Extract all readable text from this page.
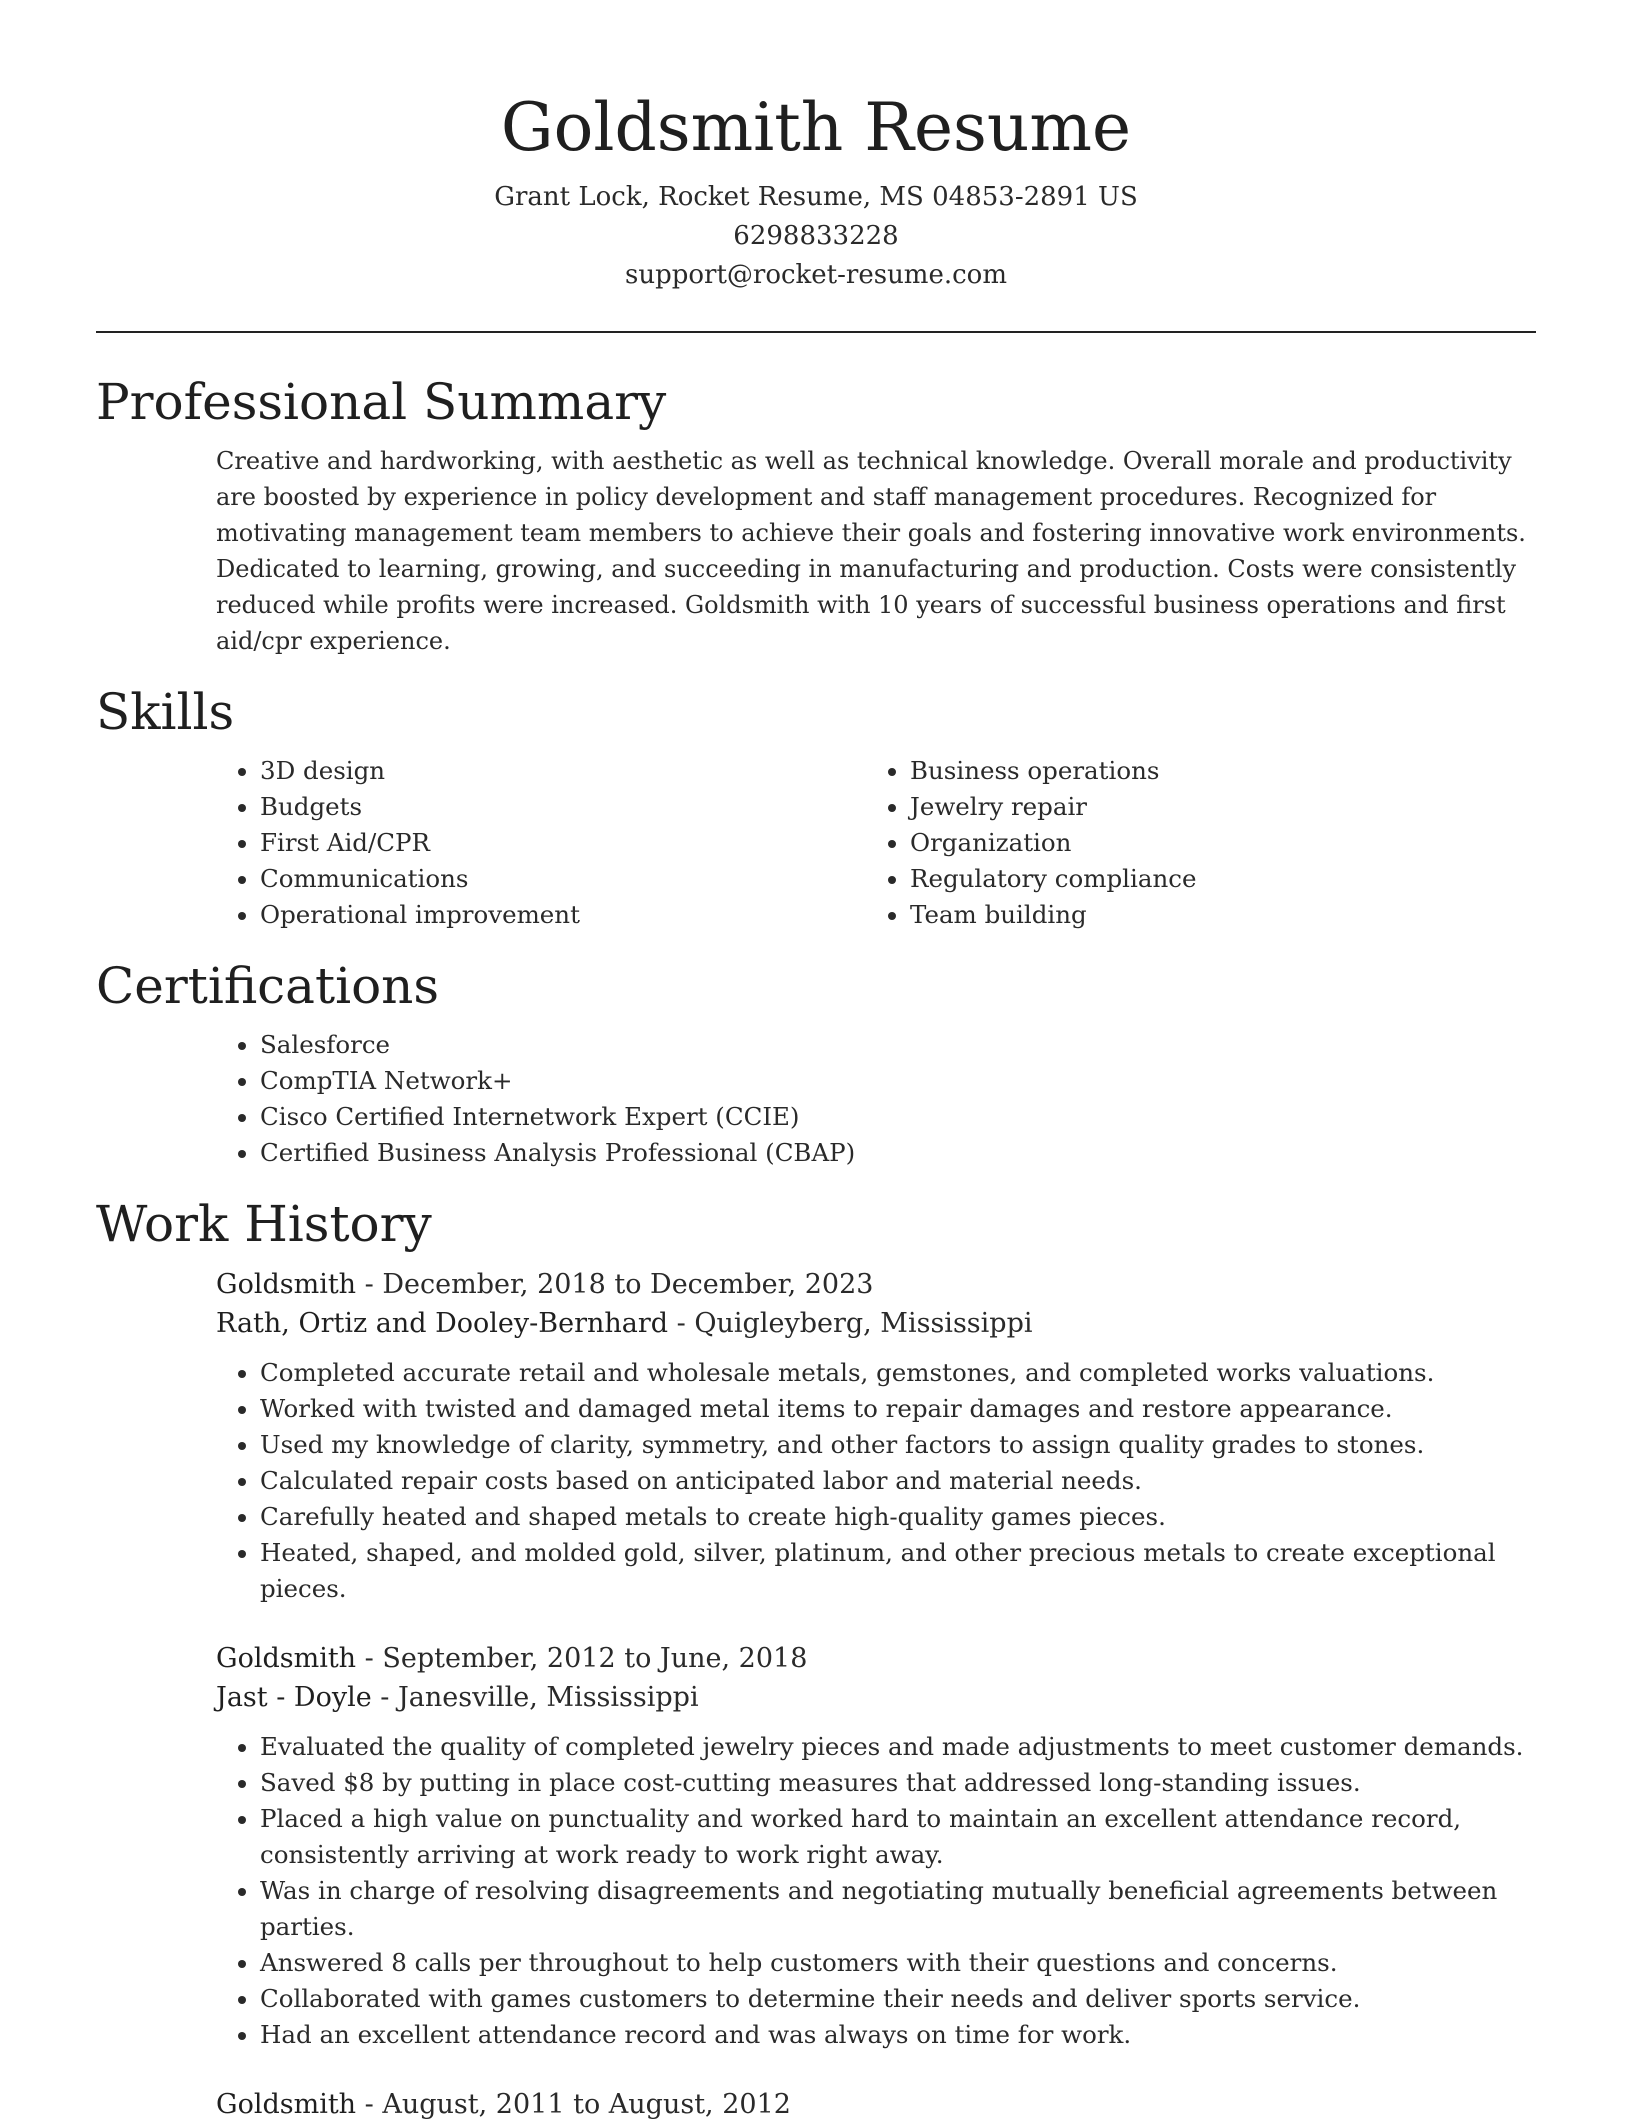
Goldsmith Resume
Grant Lock, Rocket Resume, MS 04853-2891 US
6298833228
support@rocket-resume.com
Professional Summary

Creative and hardworking, with aesthetic as well as technical knowledge. Overall morale and productivity are boosted by experience in policy development and staff management procedures. Recognized for motivating management team members to achieve their goals and fostering innovative work environments. Dedicated to learning, growing, and succeeding in manufacturing and production. Costs were consistently reduced while profits were increased. Goldsmith with 10 years of successful business operations and first aid/cpr experience.

Skills
• 3D design
• Budgets
• First Aid/CPR
• Communications
• Operational improvement
• Business operations
• Jewelry repair
• Organization
• Regulatory compliance
• Team building
Certifications
• Salesforce
• CompTIA Network+
• Cisco Certified Internetwork Expert (CCIE)
• Certified Business Analysis Professional (CBAP)
Work History
Goldsmith - December, 2018 to December, 2023
Rath, Ortiz and Dooley-Bernhard - Quigleyberg, Mississippi
• Completed accurate retail and wholesale metals, gemstones, and completed works valuations.
• Worked with twisted and damaged metal items to repair damages and restore appearance.
• Used my knowledge of clarity, symmetry, and other factors to assign quality grades to stones.
• Calculated repair costs based on anticipated labor and material needs.
• Carefully heated and shaped metals to create high-quality games pieces.
• Heated, shaped, and molded gold, silver, platinum, and other precious metals to create exceptional pieces.
Goldsmith - September, 2012 to June, 2018
Jast - Doyle - Janesville, Mississippi
• Evaluated the quality of completed jewelry pieces and made adjustments to meet customer demands.
• Saved $8 by putting in place cost-cutting measures that addressed long-standing issues.
• Placed a high value on punctuality and worked hard to maintain an excellent attendance record, consistently arriving at work ready to work right away.
• Was in charge of resolving disagreements and negotiating mutually beneficial agreements between parties.
• Answered 8 calls per throughout to help customers with their questions and concerns.
• Collaborated with games customers to determine their needs and deliver sports service.
• Had an excellent attendance record and was always on time for work.
Goldsmith - August, 2011 to August, 2012
